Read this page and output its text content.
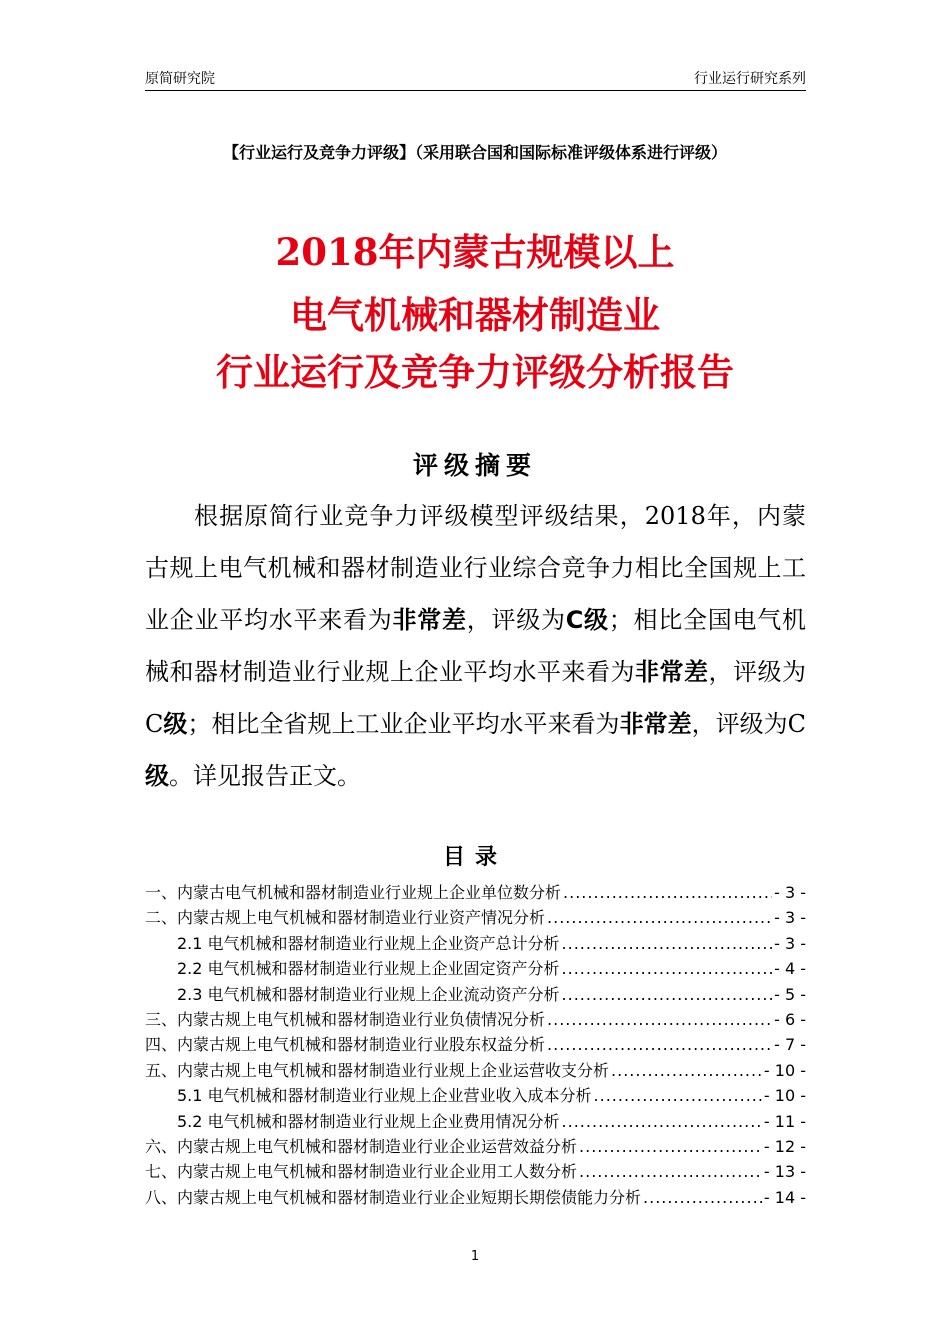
原简研究院	行业运行研究系列
【行业运行及竞争力评级】（采用联合国和国际标准评级体系进行评级）
2018年内蒙古规模以上
电气机械和器材制造业
行业运行及竞争力评级分析报告
评级摘要
根据原简行业竞争力评级模型评级结果，2018年，内蒙古规上电气机械和器材制造业行业综合竞争力相比全国规上工业企业平均水平来看为非常差，评级为C级；相比全国电气机械和器材制造业行业规上企业平均水平来看为非常差，评级为C级；相比全省规上工业企业平均水平来看为非常差，评级为C级。详见报告正文。
目录
一、内蒙古电气机械和器材制造业行业规上企业单位数分析 .....	- 3 -
二、内蒙古规上电气机械和器材制造业行业资产情况分析 .....	- 3 -
2.1 电气机械和器材制造业行业规上企业资产总计分析 .....	- 3 -
2.2 电气机械和器材制造业行业规上企业固定资产分析 .....	- 4 -
2.3 电气机械和器材制造业行业规上企业流动资产分析 .....	- 5 -
三、内蒙古规上电气机械和器材制造业行业负债情况分析 .....	- 6 -
四、内蒙古规上电气机械和器材制造业行业股东权益分析 .....	- 7 -
五、内蒙古规上电气机械和器材制造业行业规上企业运营收支分析 .....	- 10 -
5.1 电气机械和器材制造业行业规上企业营业收入成本分析 .....	- 10 -
5.2 电气机械和器材制造业行业规上企业费用情况分析 .....	- 11 -
六、内蒙古规上电气机械和器材制造业行业企业运营效益分析 .....	- 12 -
七、内蒙古规上电气机械和器材制造业行业企业用工人数分析 .....	- 13 -
八、内蒙古规上电气机械和器材制造业行业企业短期长期偿债能力分析 .....	- 14 -
1
